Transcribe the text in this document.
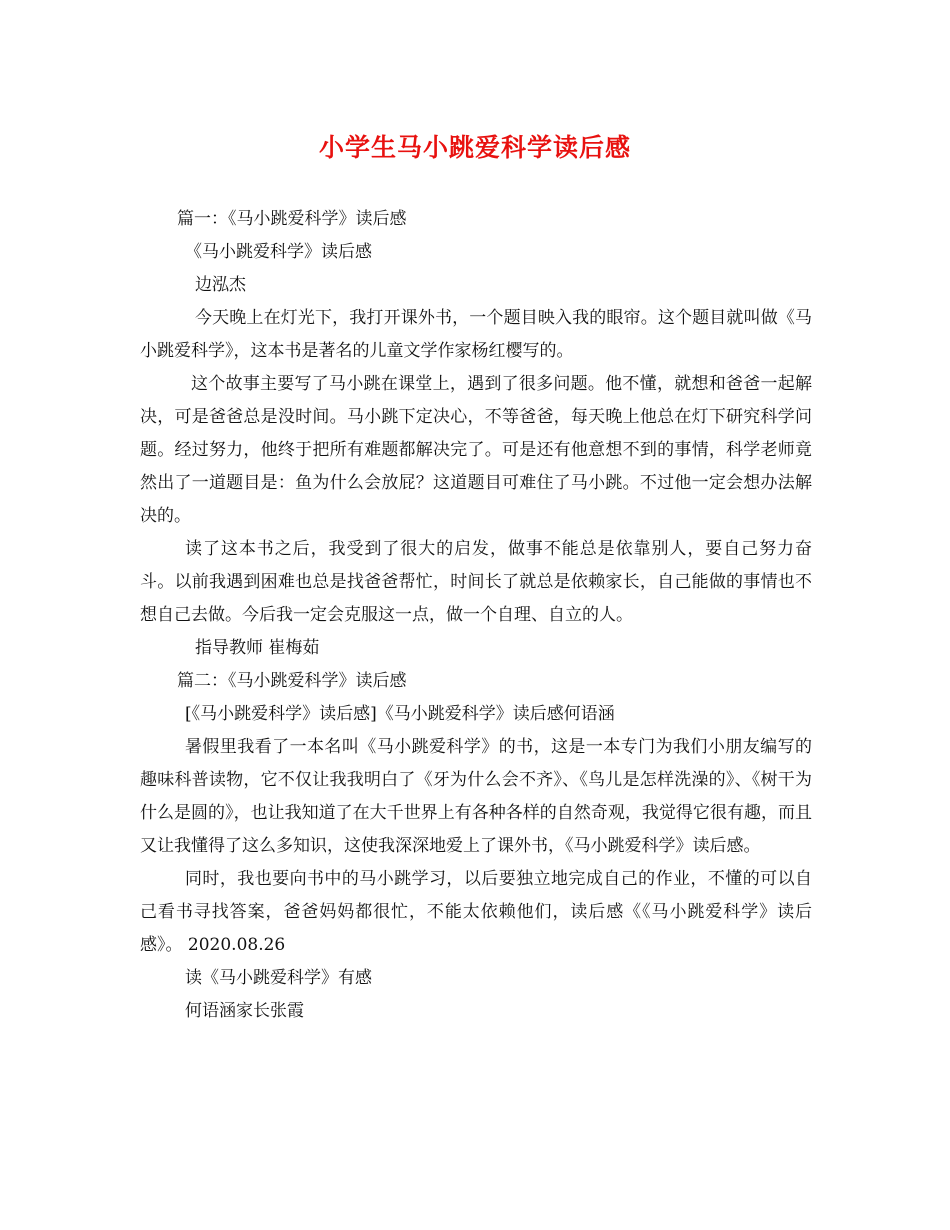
小学生马小跳爱科学读后感

篇一：《马小跳爱科学》读后感

《马小跳爱科学》读后感

边泓杰

今天晚上在灯光下，我打开课外书，一个题目映入我的眼帘。这个题目就叫做《马小跳爱科学》，这本书是著名的儿童文学作家杨红樱写的。

这个故事主要写了马小跳在课堂上，遇到了很多问题。他不懂，就想和爸爸一起解决，可是爸爸总是没时间。马小跳下定决心，不等爸爸，每天晚上他总在灯下研究科学问题。经过努力，他终于把所有难题都解决完了。可是还有他意想不到的事情，科学老师竟然出了一道题目是：鱼为什么会放屁？这道题目可难住了马小跳。不过他一定会想办法解决的。

读了这本书之后，我受到了很大的启发，做事不能总是依靠别人，要自己努力奋斗。以前我遇到困难也总是找爸爸帮忙，时间长了就总是依赖家长，自己能做的事情也不想自己去做。今后我一定会克服这一点，做一个自理、自立的人。

指导教师 崔梅茹

篇二：《马小跳爱科学》读后感

[《马小跳爱科学》读后感]《马小跳爱科学》读后感何语涵

暑假里我看了一本名叫《马小跳爱科学》的书，这是一本专门为我们小朋友编写的趣味科普读物，它不仅让我我明白了《牙为什么会不齐》、《鸟儿是怎样洗澡的》、《树干为什么是圆的》，也让我知道了在大千世界上有各种各样的自然奇观，我觉得它很有趣，而且又让我懂得了这么多知识，这使我深深地爱上了课外书，《马小跳爱科学》读后感。

同时，我也要向书中的马小跳学习，以后要独立地完成自己的作业，不懂的可以自己看书寻找答案，爸爸妈妈都很忙，不能太依赖他们，读后感《《马小跳爱科学》读后感》。 2020.08.26

读《马小跳爱科学》有感

何语涵家长张霞
